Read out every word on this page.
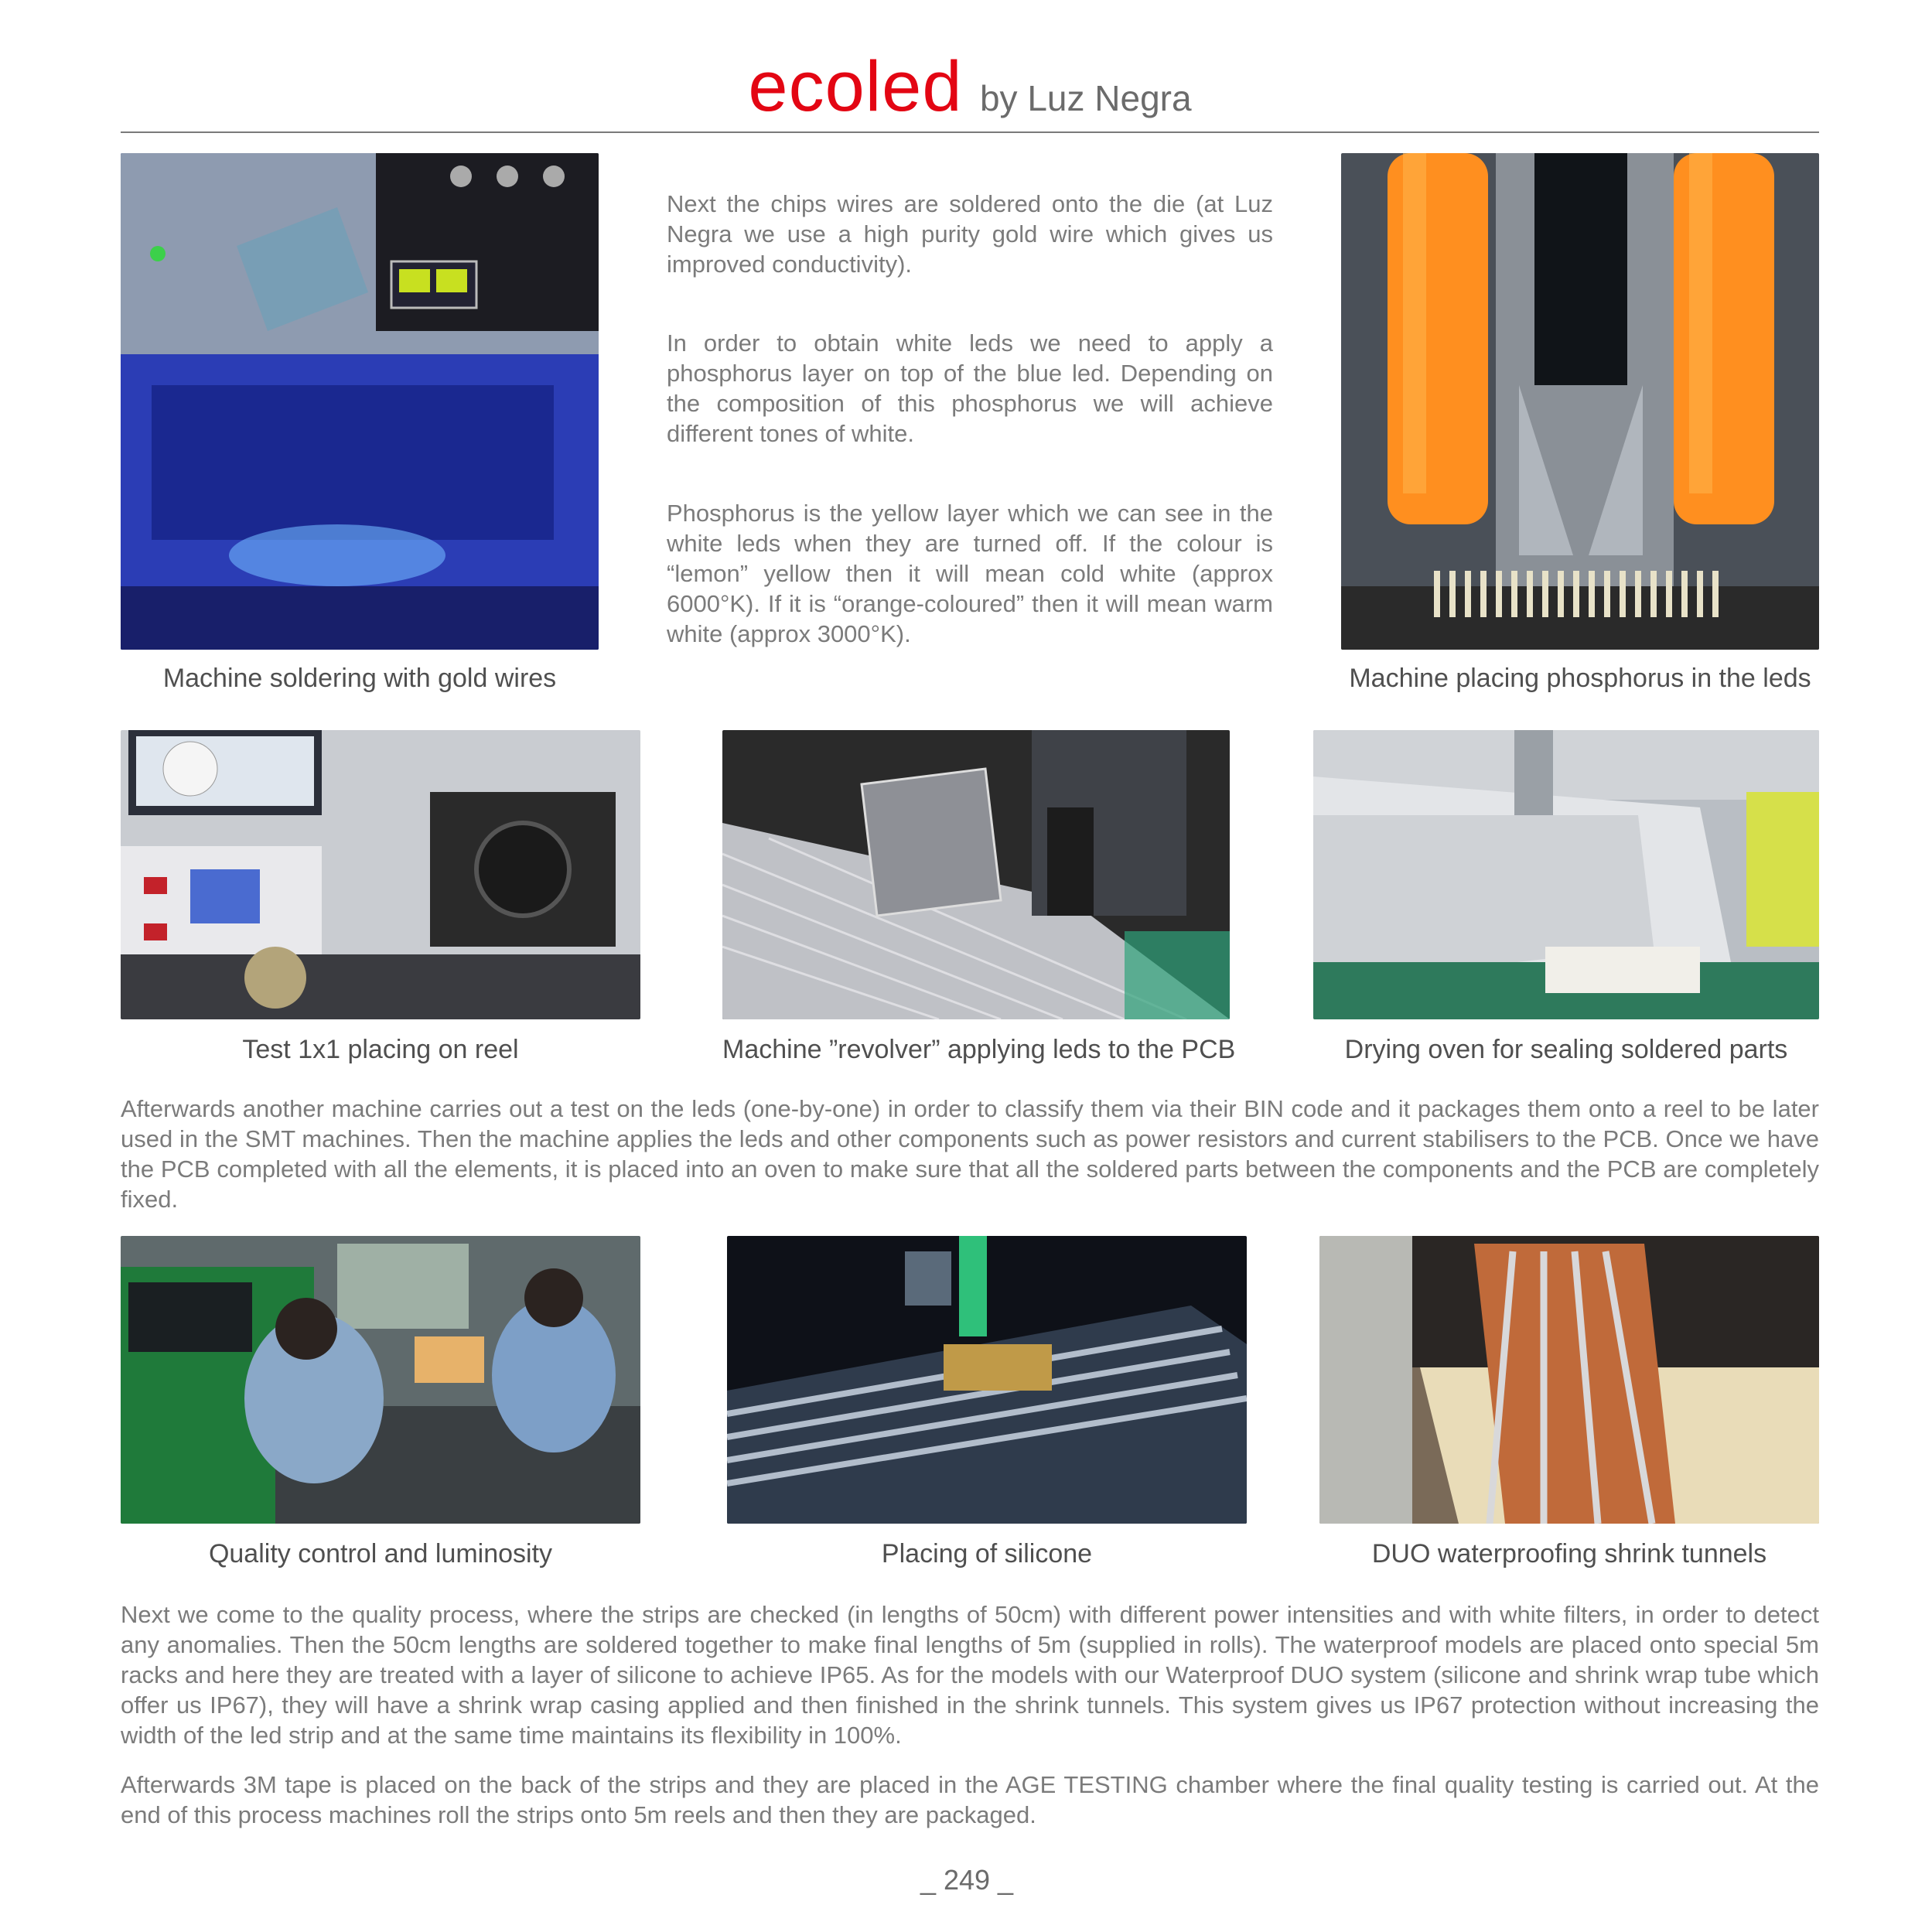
ecoled by Luz Negra
Machine soldering with gold wires
Next the chips wires are soldered onto the die (at Luz Negra we use a high purity gold wire which gives us improved conductivity).
In order to obtain white leds we need to apply a phosphorus layer on top of the blue led. Depending on the composition of this phosphorus we will achieve different tones of white.
Phosphorus is the yellow layer which we can see in the white leds when they are turned off. If the colour is “lemon” yellow then it will mean cold white (approx 6000°K). If it is “orange-coloured” then it will mean warm white (approx 3000°K).
Machine placing phosphorus in the leds
Test 1x1 placing on reel	Machine ”revolver” applying leds to the PCB	Drying oven for sealing soldered parts
Afterwards another machine carries out a test on the leds (one-by-one) in order to classify them via their BIN code and it packages them onto a reel to be later used in the SMT machines. Then the machine applies the leds and other components such as power resistors and current stabilisers to the PCB. Once we have the PCB completed with all the elements, it is placed into an oven to make sure that all the soldered parts between the components and the PCB are completely fixed.
Quality control and luminosity	Placing of silicone	DUO waterproofing shrink tunnels
Next we come to the quality process, where the strips are checked (in lengths of 50cm) with different power intensities and with white filters, in order to detect any anomalies. Then the 50cm lengths are soldered together to make final lengths of 5m (supplied in rolls). The waterproof models are placed onto special 5m racks and here they are treated with a layer of silicone to achieve IP65. As for the models with our Waterproof DUO system (silicone and shrink wrap tube which offer us IP67), they will have a shrink wrap casing applied and then finished in the shrink tunnels. This system gives us IP67 protection without increasing the width of the led strip and at the same time maintains its flexibility in 100%.
Afterwards 3M tape is placed on the back of the strips and they are placed in the AGE TESTING chamber where the final quality testing is carried out. At the end of this process machines roll the strips onto 5m reels and then they are packaged.
_ 249 _
